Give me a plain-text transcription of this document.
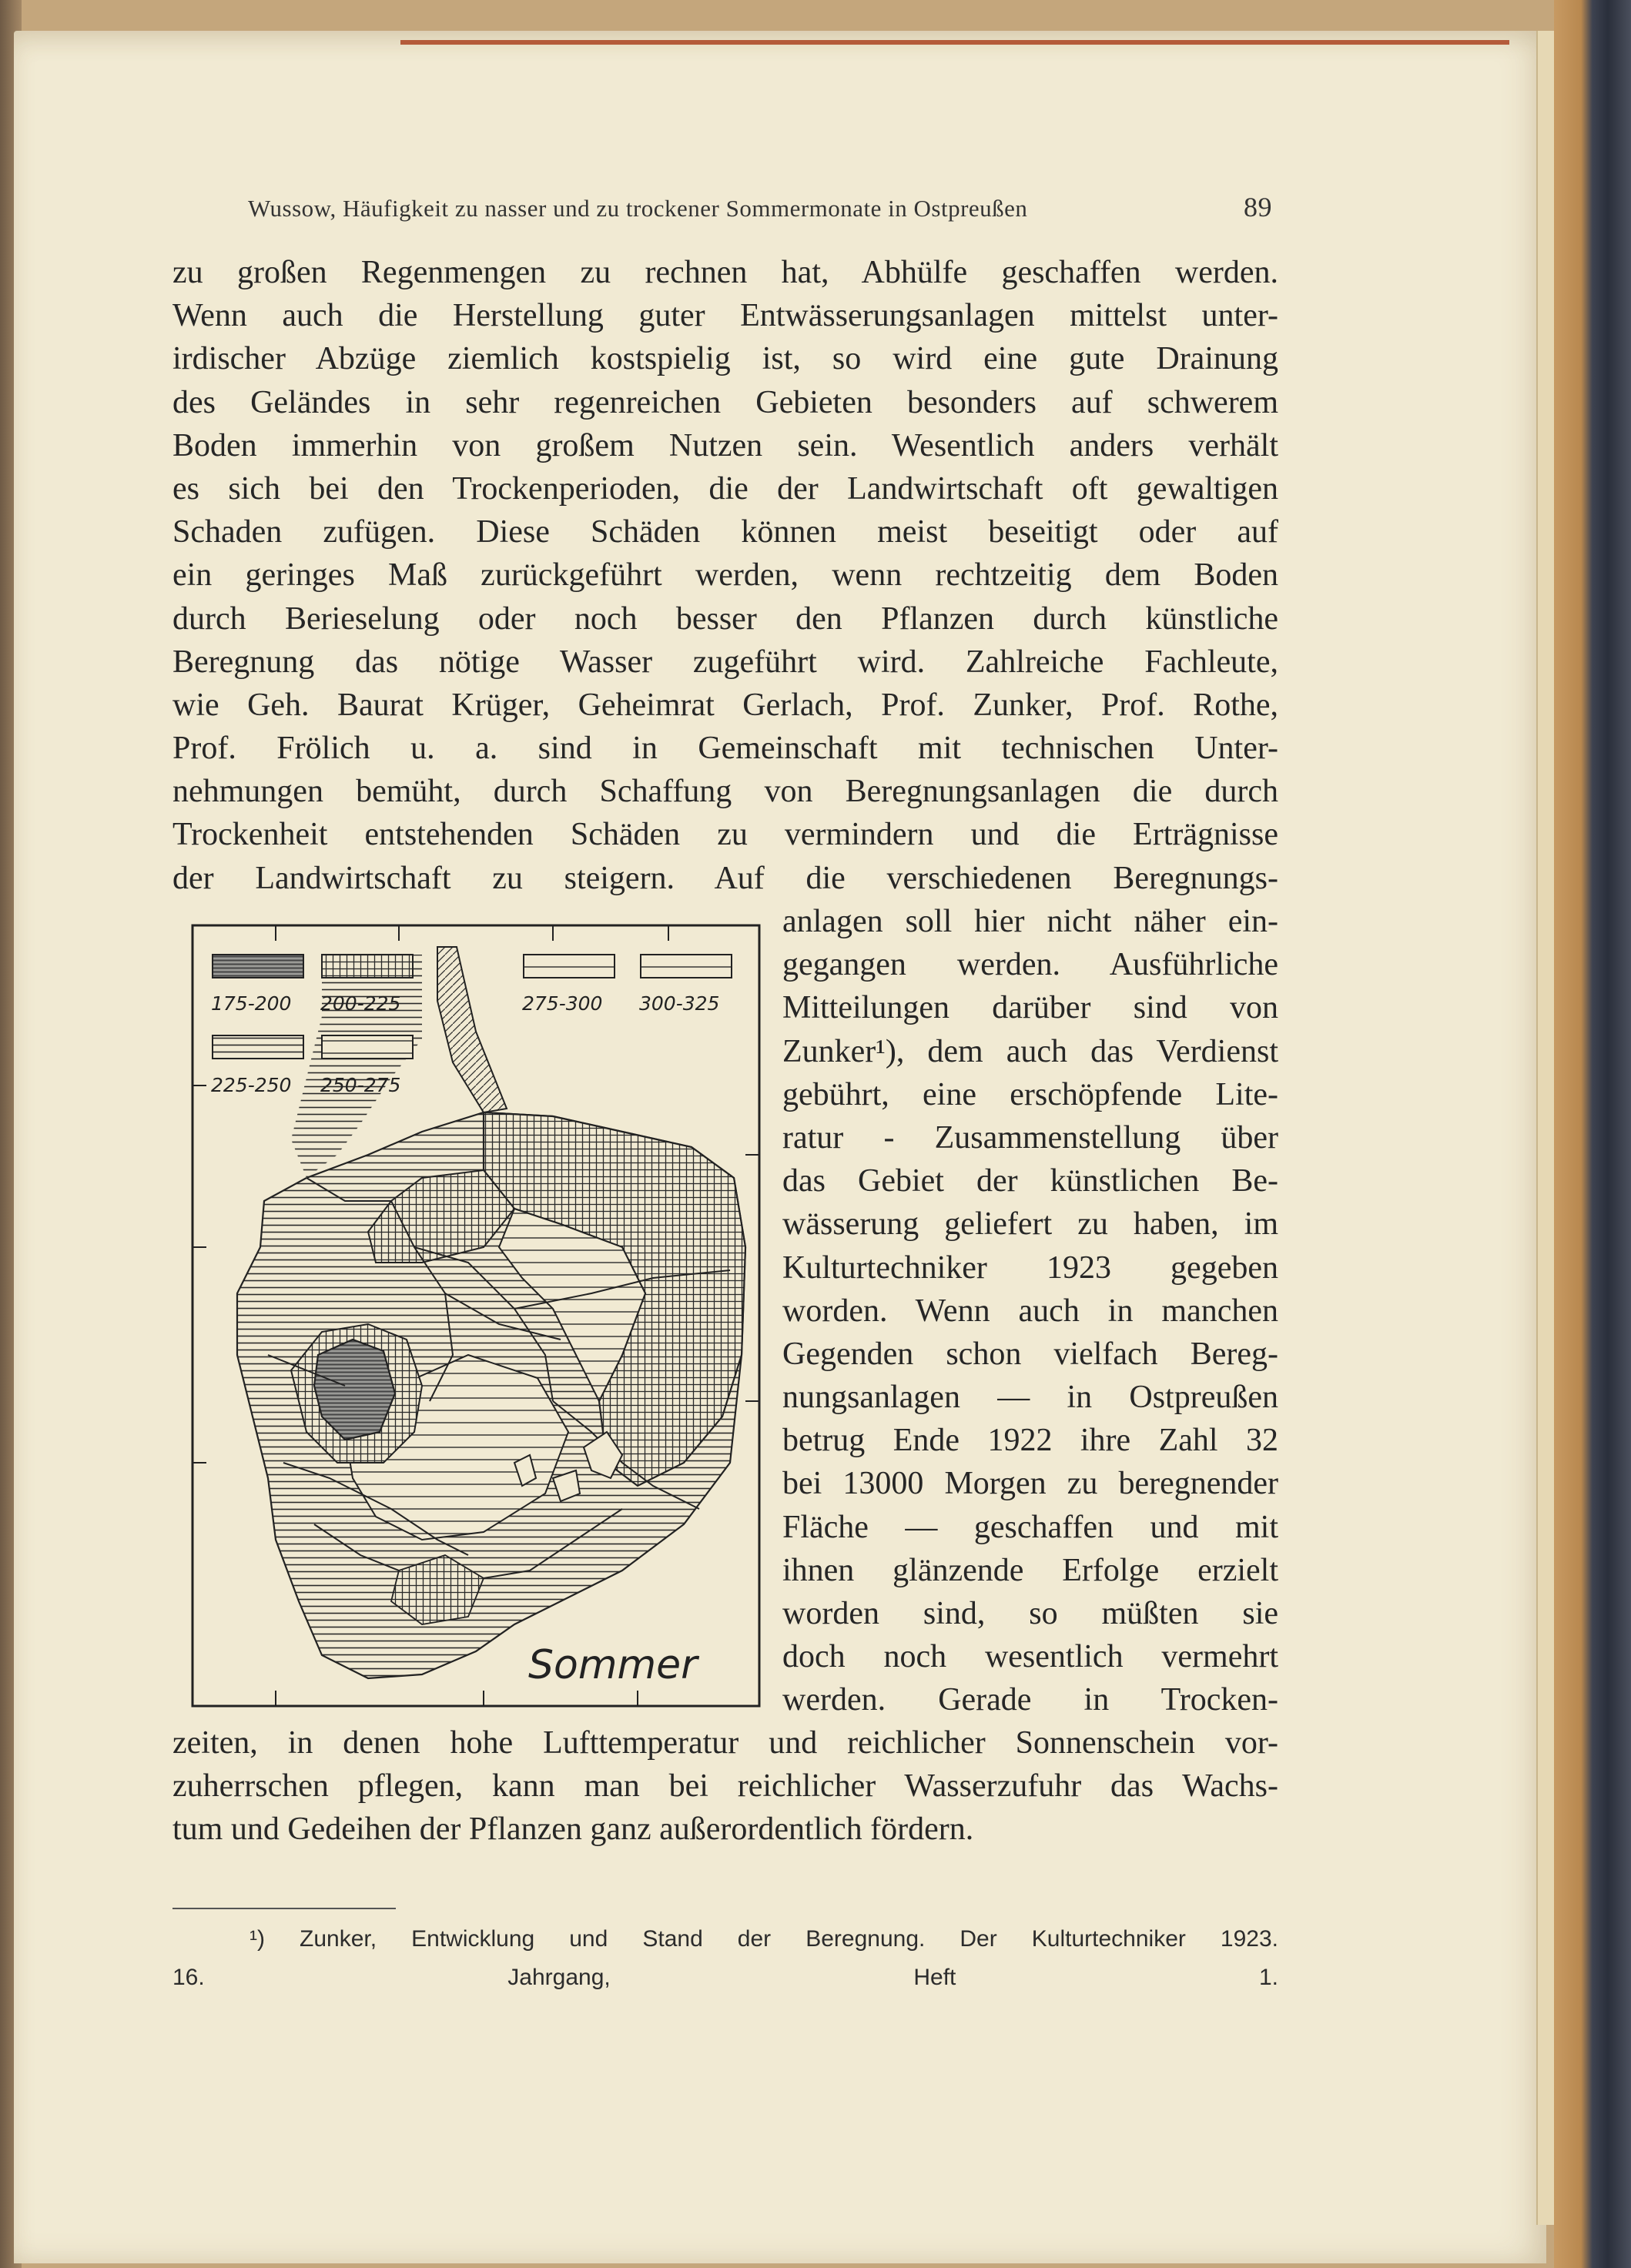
Wussow, Häufigkeit zu nasser und zu trockener Sommermonate in Ostpreußen	89
zu großen Regenmengen zu rechnen hat, Abhülfe geschaffen werden.
Wenn auch die Herstellung guter Entwässerungsanlagen mittelst unter-
irdischer Abzüge ziemlich kostspielig ist, so wird eine gute Drainung
des Geländes in sehr regenreichen Gebieten besonders auf schwerem
Boden immerhin von großem Nutzen sein. Wesentlich anders verhält
es sich bei den Trockenperioden, die der Landwirtschaft oft gewaltigen
Schaden zufügen. Diese Schäden können meist beseitigt oder auf
ein geringes Maß zurückgeführt werden, wenn rechtzeitig dem Boden
durch Berieselung oder noch besser den Pflanzen durch künstliche
Beregnung das nötige Wasser zugeführt wird. Zahlreiche Fachleute,
wie Geh. Baurat Krüger, Geheimrat Gerlach, Prof. Zunker, Prof. Rothe,
Prof. Frölich u. a. sind in Gemeinschaft mit technischen Unter-
nehmungen bemüht, durch Schaffung von Beregnungsanlagen die durch
Trockenheit entstehenden Schäden zu vermindern und die Erträgnisse
der Landwirtschaft zu steigern. Auf die verschiedenen Beregnungs-
anlagen soll hier nicht näher ein-
gegangen werden. Ausführliche
Mitteilungen darüber sind von
Zunker¹), dem auch das Verdienst
gebührt, eine erschöpfende Lite-
ratur - Zusammenstellung über
das Gebiet der künstlichen Be-
wässerung geliefert zu haben, im
Kulturtechniker 1923 gegeben
worden. Wenn auch in manchen
Gegenden schon vielfach Bereg-
nungsanlagen — in Ostpreußen
betrug Ende 1922 ihre Zahl 32
bei 13000 Morgen zu beregnender
Fläche — geschaffen und mit
ihnen glänzende Erfolge erzielt
worden sind, so müßten sie
doch noch wesentlich vermehrt
werden. Gerade in Trocken-
zeiten, in denen hohe Lufttemperatur und reichlicher Sonnenschein vor-
zuherrschen pflegen, kann man bei reichlicher Wasserzufuhr das Wachs-
tum und Gedeihen der Pflanzen ganz außerordentlich fördern.
¹) Zunker, Entwicklung und Stand der Beregnung. Der Kulturtechniker 1923.
16. Jahrgang, Heft 1.
175-200 200-225	275-300 300-325
225-250 250-275
Sommer
